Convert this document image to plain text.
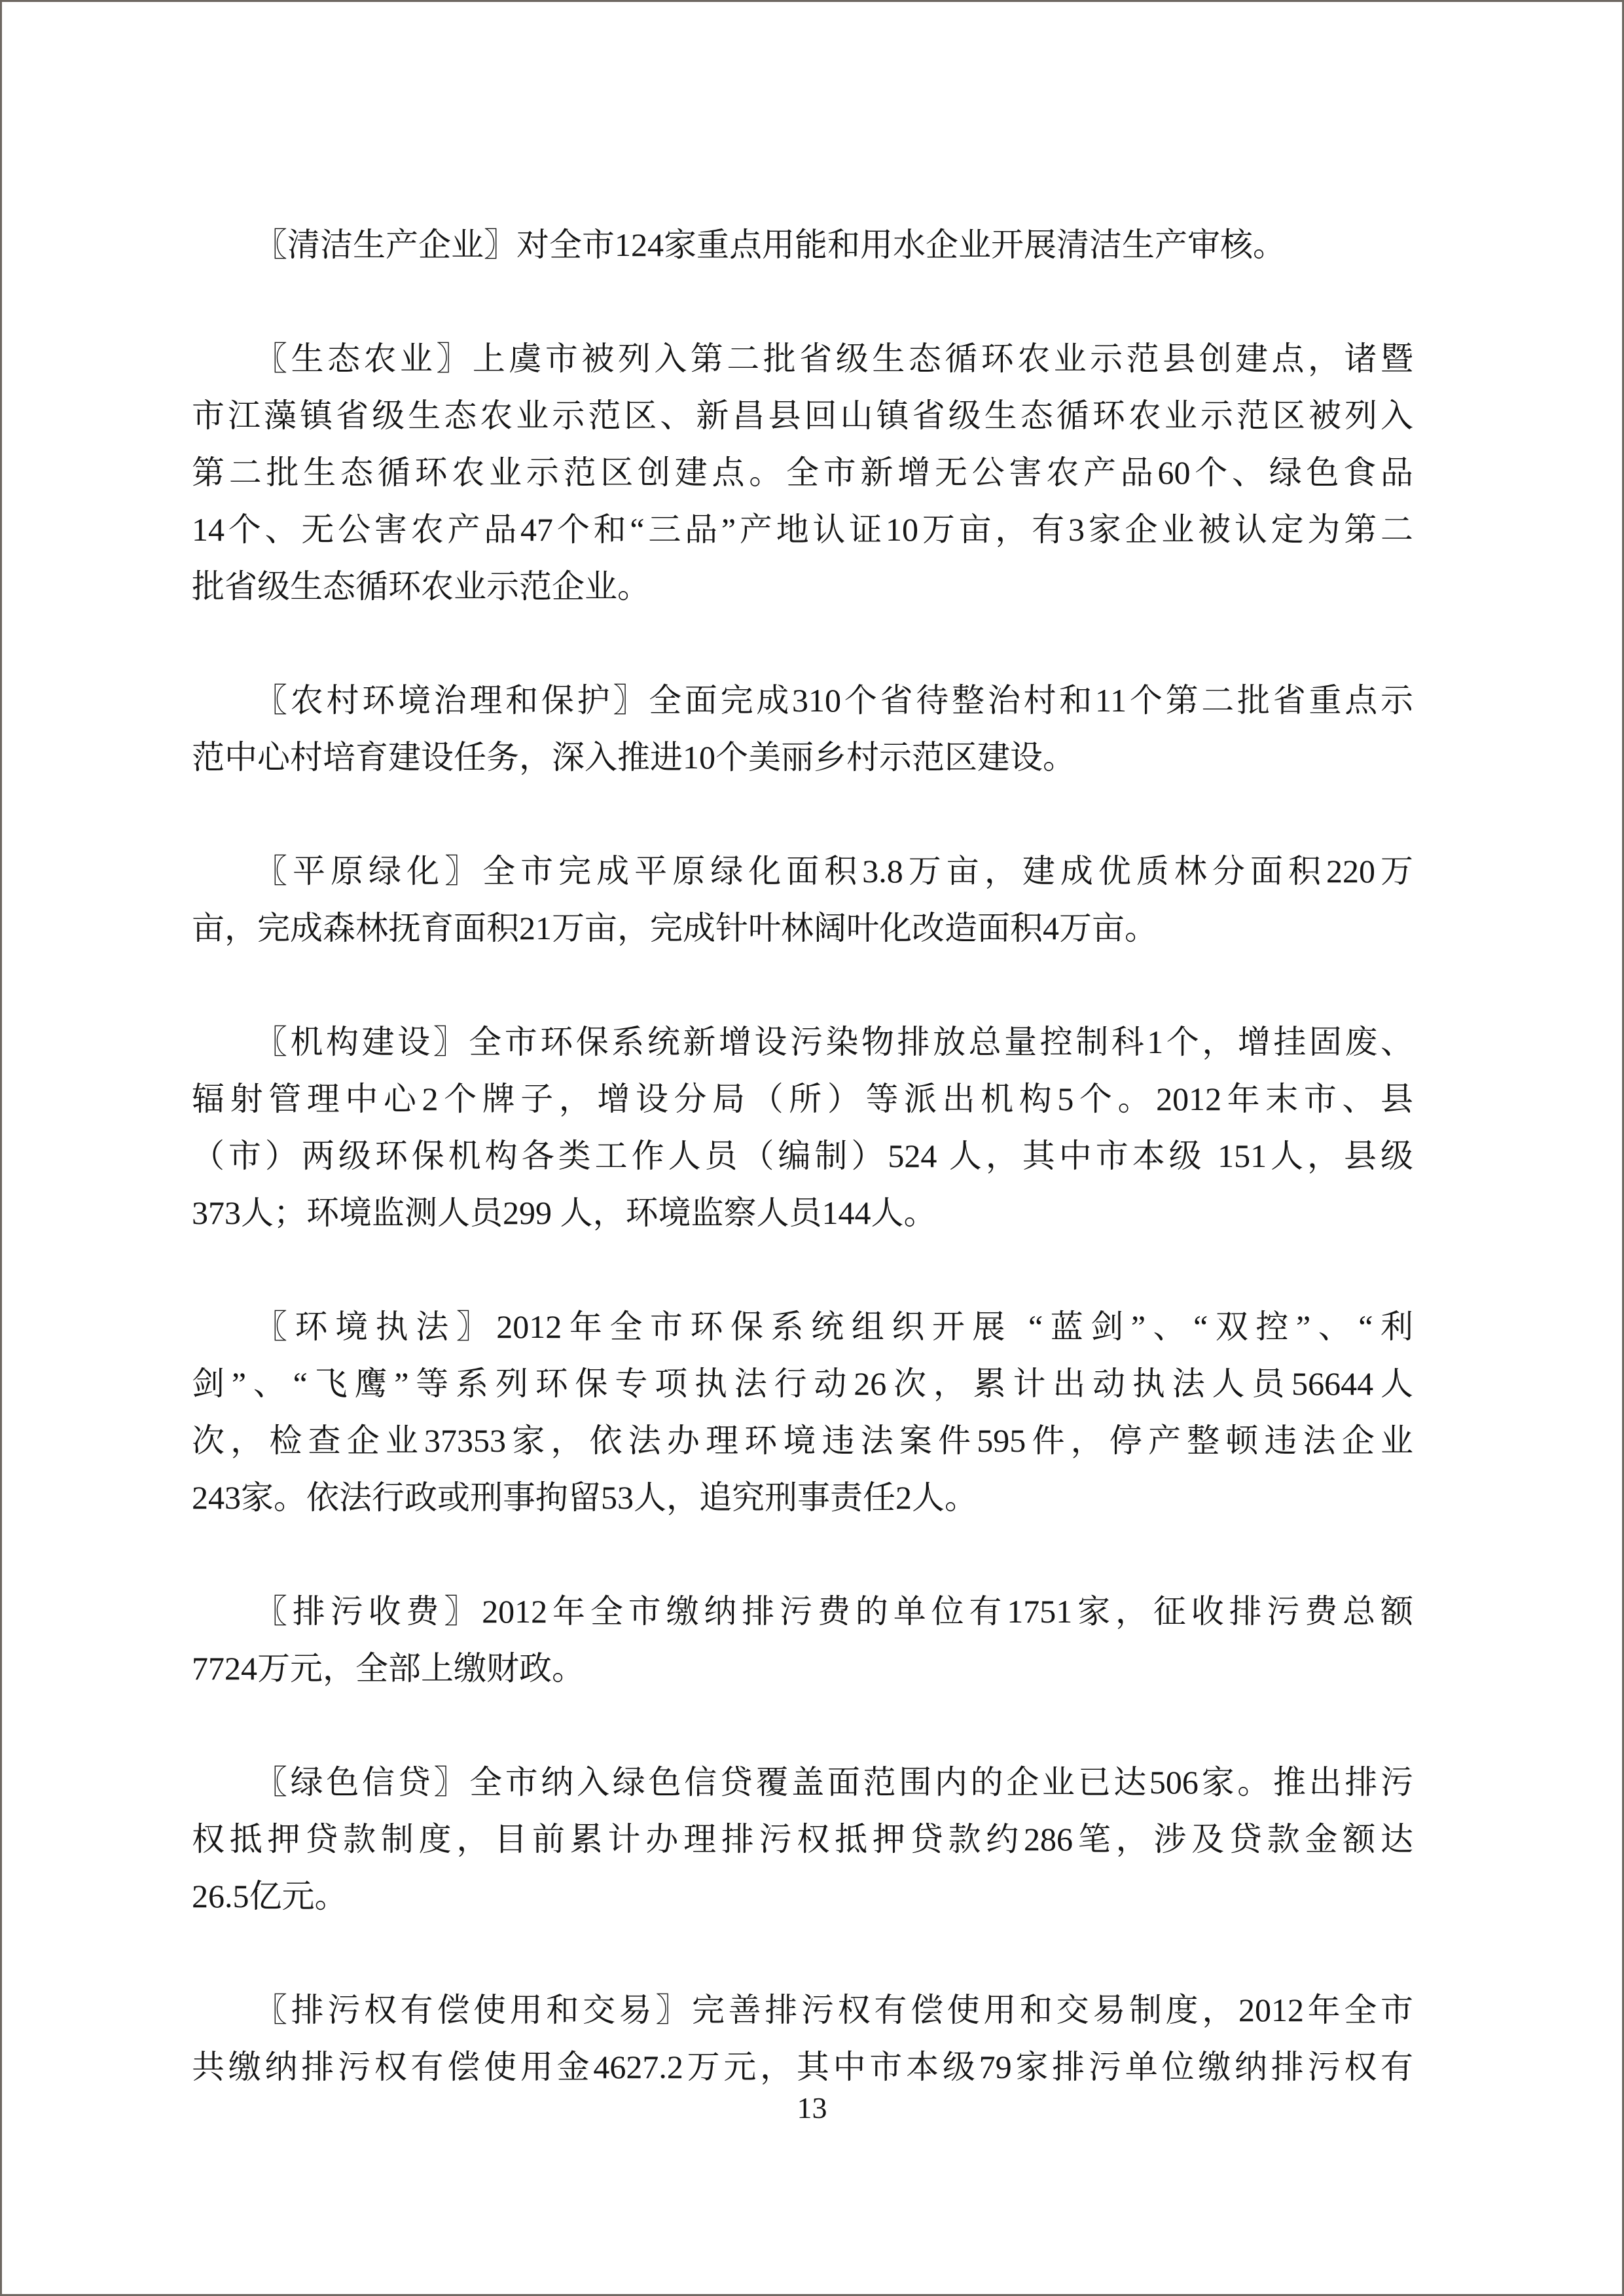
〖清洁生产企业〗对全市124家重点用能和用水企业开展清洁生产审核。
〖生态农业〗上虞市被列入第二批省级生态循环农业示范县创建点，诸暨
市江藻镇省级生态农业示范区、新昌县回山镇省级生态循环农业示范区被列入
第二批生态循环农业示范区创建点。全市新增无公害农产品60个、绿色食品
14个、无公害农产品47个和“三品”产地认证10万亩，有3家企业被认定为第二
批省级生态循环农业示范企业。
〖农村环境治理和保护〗全面完成310个省待整治村和11个第二批省重点示
范中心村培育建设任务，深入推进10个美丽乡村示范区建设。
〖平原绿化〗全市完成平原绿化面积3.8万亩，建成优质林分面积220万
亩，完成森林抚育面积21万亩，完成针叶林阔叶化改造面积4万亩。
〖机构建设〗全市环保系统新增设污染物排放总量控制科1个，增挂固废、
辐射管理中心2个牌子，增设分局（所）等派出机构5个。2012年末市、县
（市）两级环保机构各类工作人员（编制）524 人，其中市本级 151人，县级
373人；环境监测人员299 人，环境监察人员144人。
〖环境执法〗2012年全市环保系统组织开展 “蓝剑”、“双控”、“利
剑”、“飞鹰”等系列环保专项执法行动26次，累计出动执法人员56644人
次，检查企业37353家，依法办理环境违法案件595件，停产整顿违法企业
243家。依法行政或刑事拘留53人，追究刑事责任2人。
〖排污收费〗2012年全市缴纳排污费的单位有1751家，征收排污费总额
7724万元，全部上缴财政。
〖绿色信贷〗全市纳入绿色信贷覆盖面范围内的企业已达506家。推出排污
权抵押贷款制度，目前累计办理排污权抵押贷款约286笔，涉及贷款金额达
26.5亿元。
〖排污权有偿使用和交易〗完善排污权有偿使用和交易制度，2012年全市
共缴纳排污权有偿使用金4627.2万元，其中市本级79家排污单位缴纳排污权有
13
